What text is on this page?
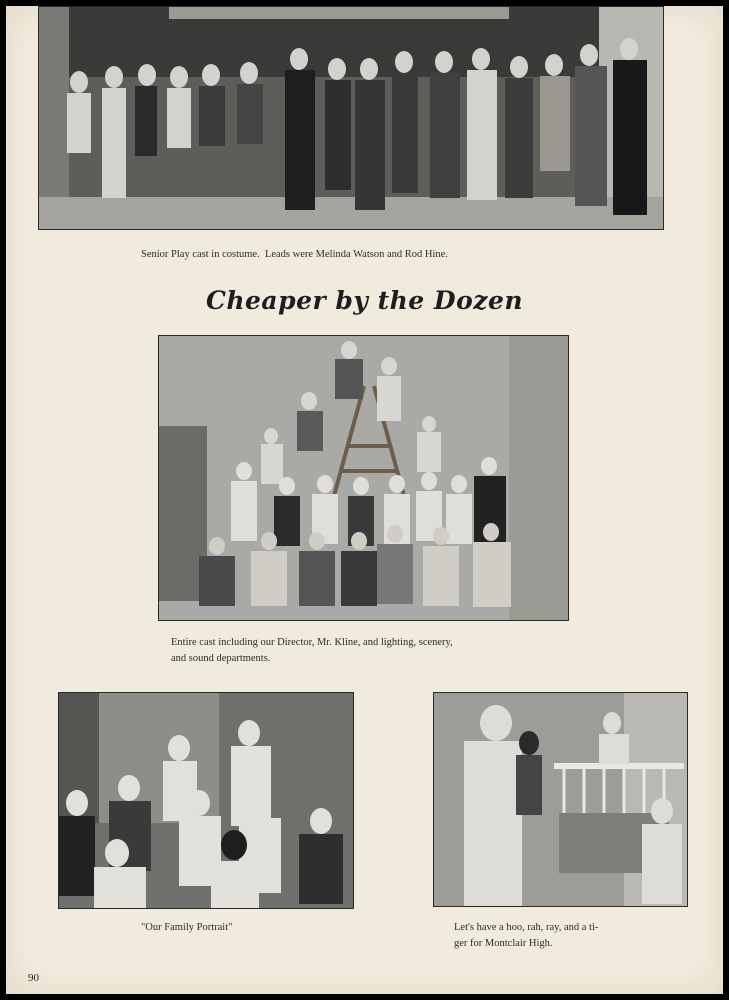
Senior Play cast in costume.  Leads were Melinda Watson and Rod Hine.
Cheaper by the Dozen
Entire cast including our Director, Mr. Kline, and lighting, scenery,
and sound departments.
"Our Family Portrait"	Let's have a hoo, rah, ray, and a ti-
ger for Montclair High.
90
